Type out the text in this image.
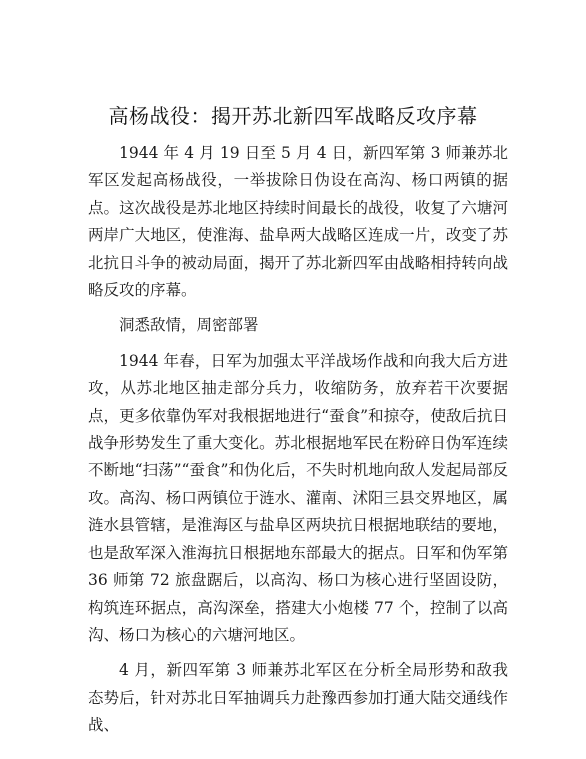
高杨战役：揭开苏北新四军战略反攻序幕

1944 年 4 月 19 日至 5 月 4 日，新四军第 3 师兼苏北军区发起高杨战役，一举拔除日伪设在高沟、杨口两镇的据点。这次战役是苏北地区持续时间最长的战役，收复了六塘河两岸广大地区，使淮海、盐阜两大战略区连成一片，改变了苏北抗日斗争的被动局面，揭开了苏北新四军由战略相持转向战略反攻的序幕。

洞悉敌情，周密部署

1944 年春，日军为加强太平洋战场作战和向我大后方进攻，从苏北地区抽走部分兵力，收缩防务，放弃若干次要据点，更多依靠伪军对我根据地进行“蚕食”和掠夺，使敌后抗日战争形势发生了重大变化。苏北根据地军民在粉碎日伪军连续不断地“扫荡”“蚕食”和伪化后，不失时机地向敌人发起局部反攻。高沟、杨口两镇位于涟水、灌南、沭阳三县交界地区，属涟水县管辖，是淮海区与盐阜区两块抗日根据地联结的要地，也是敌军深入淮海抗日根据地东部最大的据点。日军和伪军第 36 师第 72 旅盘踞后，以高沟、杨口为核心进行坚固设防，构筑连环据点，高沟深垒，搭建大小炮楼 77 个，控制了以高沟、杨口为核心的六塘河地区。

4 月，新四军第 3 师兼苏北军区在分析全局形势和敌我态势后，针对苏北日军抽调兵力赴豫西参加打通大陆交通线作战、
